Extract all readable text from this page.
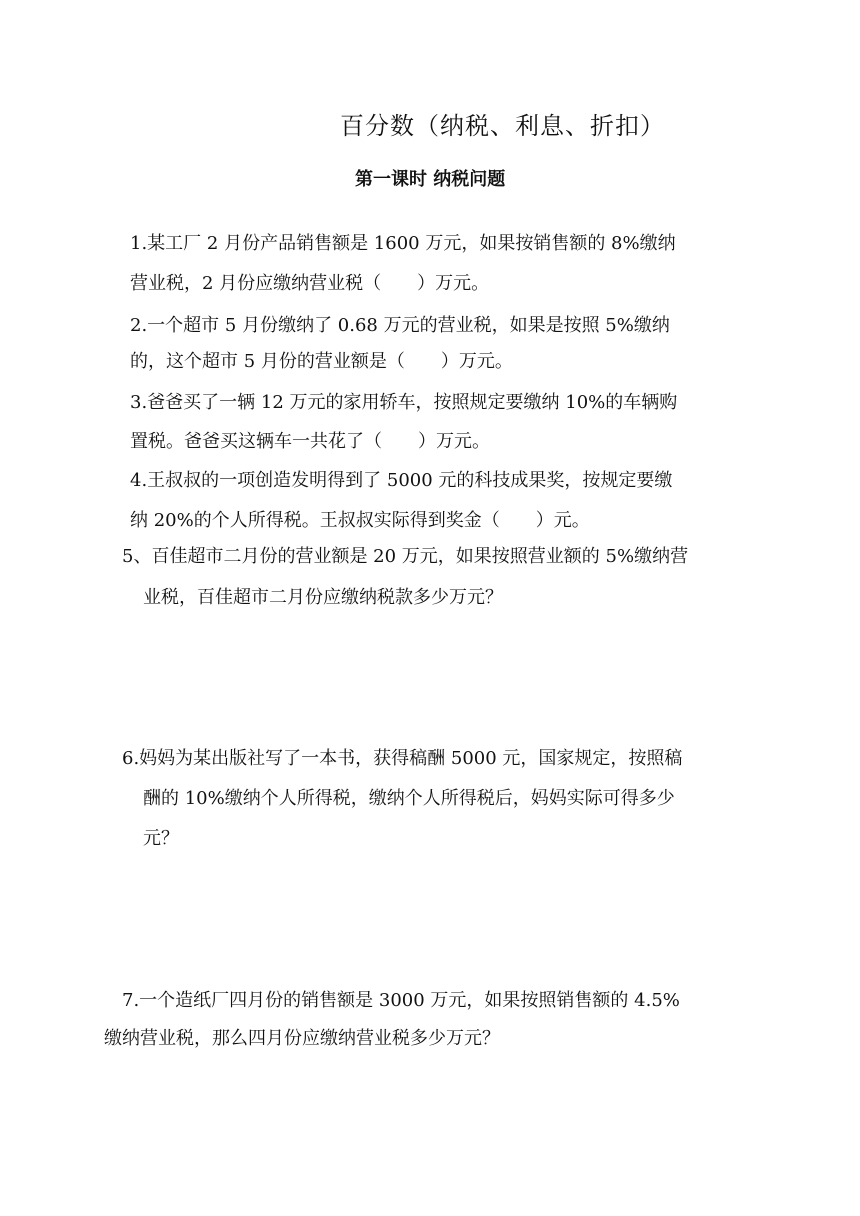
百分数（纳税、利息、折扣）
第一课时 纳税问题
1.某工厂 2 月份产品销售额是 1600 万元，如果按销售额的 8%缴纳
营业税，2 月份应缴纳营业税（　　）万元。
2.一个超市 5 月份缴纳了 0.68 万元的营业税，如果是按照 5%缴纳
的，这个超市 5 月份的营业额是（　　）万元。
3.爸爸买了一辆 12 万元的家用轿车，按照规定要缴纳 10%的车辆购
置税。爸爸买这辆车一共花了（　　）万元。
4.王叔叔的一项创造发明得到了 5000 元的科技成果奖，按规定要缴
纳 20%的个人所得税。王叔叔实际得到奖金（　　）元。
5、百佳超市二月份的营业额是 20 万元，如果按照营业额的 5%缴纳营
业税，百佳超市二月份应缴纳税款多少万元？
6.妈妈为某出版社写了一本书，获得稿酬 5000 元，国家规定，按照稿
酬的 10%缴纳个人所得税，缴纳个人所得税后，妈妈实际可得多少
元？
7.一个造纸厂四月份的销售额是 3000 万元，如果按照销售额的 4.5%
缴纳营业税，那么四月份应缴纳营业税多少万元？
